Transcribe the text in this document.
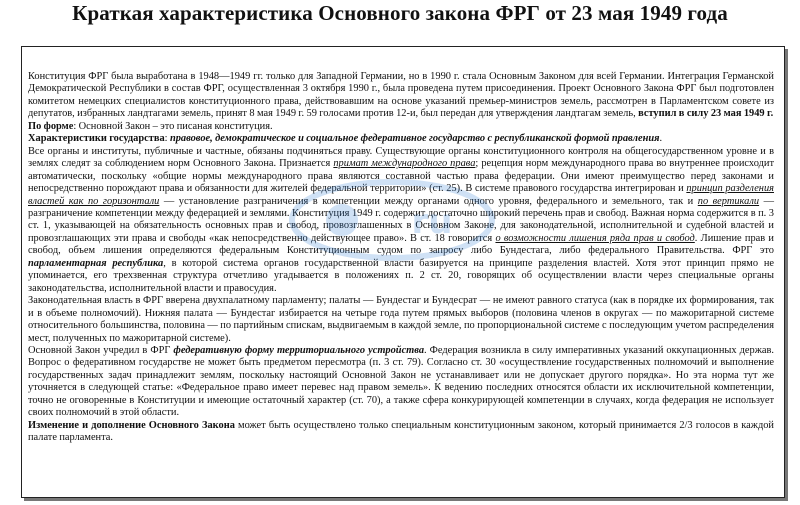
Краткая характеристика Основного закона ФРГ от 23 мая 1949 года

Конституция ФРГ была выработана в 1948—1949 гг. только для Западной Германии, но в 1990 г. стала Основным Законом для всей Германии. Интеграция Германской Демократической Республики в состав ФРГ, осуществленная 3 октября 1990 г., была проведена путем присоединения. Проект Основного Закона ФРГ был подготовлен комитетом немецких специалистов конституционного права, действовавшим на основе указаний премьер-министров земель, рассмотрен в Парламентском совете из депутатов, избранных ландтагами земель, принят 8 мая 1949 г. 59 голосами против 12-и, был передан для утверждения ландтагам земель, вступил в силу 23 мая 1949 г.

По форме: Основной Закон – это писаная конституция.

Характеристики государства: правовое, демократическое и социальное федеративное государство с республиканской формой правления.

Все органы и институты, публичные и частные, обязаны подчиняться праву. Существующие органы конституционного контроля на общегосударственном уровне и в землях следят за соблюдением норм Основного Закона. Признается примат международного права; рецепция норм международного права во внутреннее происходит автоматически, поскольку «общие нормы международного права являются составной частью права федерации. Они имеют преимущество перед законами и непосредственно порождают права и обязанности для жителей федеральной территории» (ст. 25). В системе правового государства интегрирован и принцип разделения властей как по горизонтали — установление разграничения в компетенции между органами одного уровня, федерального и земельного, так и по вертикали — разграничение компетенции между федерацией и землями. Конституция 1949 г. содержит достаточно широкий перечень прав и свобод. Важная норма содержится в п. 3 ст. 1, указывающей на обязательность основных прав и свобод, провозглашенных в Основном Законе, для законодательной, исполнительной и судебной властей и провозглашающих эти права и свободы «как непосредственно действующее право». В ст. 18 говорится о возможности лишения ряда прав и свобод. Лишение прав и свобод, объем лишения определяются федеральным Конституционным судом по запросу либо Бундестага, либо федерального Правительства. ФРГ это парламентарная республика, в которой система органов государственной власти базируется на принципе разделения властей. Хотя этот принцип прямо не упоминается, его трехзвенная структура отчетливо угадывается в положениях п. 2 ст. 20, говорящих об осуществлении власти через специальные органы законодательства, исполнительной власти и правосудия.

Законодательная власть в ФРГ вверена двухпалатному парламенту; палаты — Бундестаг и Бундесрат — не имеют равного статуса (как в порядке их формирования, так и в объеме полномочий). Нижняя палата — Бундестаг избирается на четыре года путем прямых выборов (половина членов в округах — по мажоритарной системе относительного большинства, половина — по партийным спискам, выдвигаемым в каждой земле, по пропорциональной системе с последующим учетом распределения мест, полученных по мажоритарной системе).

Основной Закон учредил в ФРГ федеративную форму территориального устройства. Федерация возникла в силу императивных указаний оккупационных держав. Вопрос о федеративном государстве не может быть предметом пересмотра (п. 3 ст. 79). Согласно ст. 30 «осуществление государственных полномочий и выполнение государственных задач принадлежит землям, поскольку настоящий Основной Закон не устанавливает или не допускает другого порядка». Но эта норма тут же уточняется в следующей статье: «Федеральное право имеет перевес над правом земель». К ведению последних относятся области их исключительной компетенции, точно не оговоренные в Конституции и имеющие остаточный характер (ст. 70), а также сфера конкурирующей компетенции в случаях, когда федерация не использует своих полномочий в этой области.

Изменение и дополнение Основного Закона может быть осуществлено только специальным конституционным законом, который принимается 2/3 голосов в каждой палате парламента.

ru
